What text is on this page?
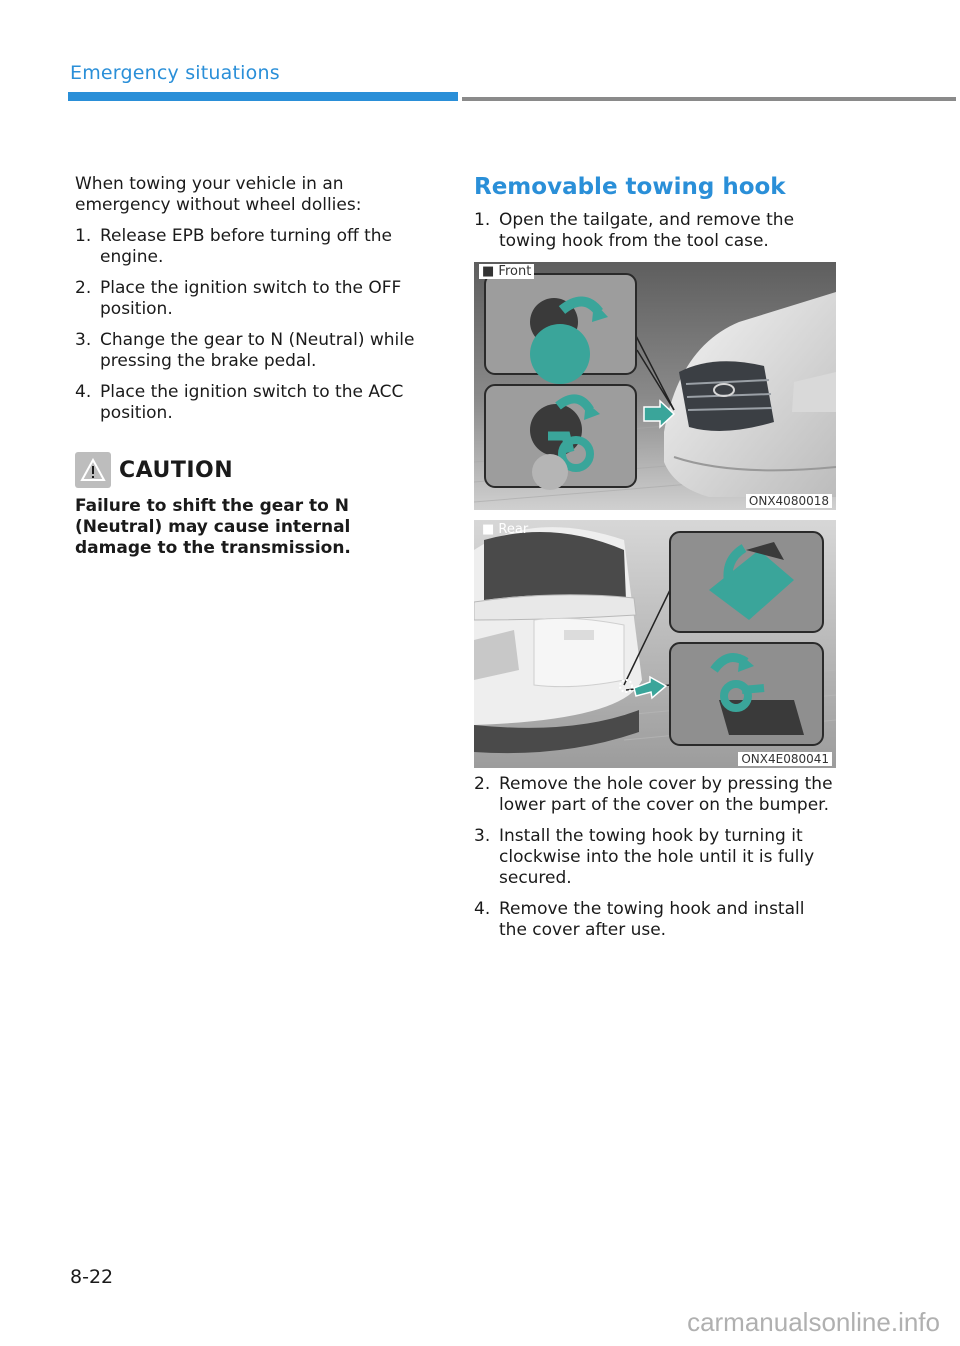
Emergency situations

When towing your vehicle in an emergency without wheel dollies:

1. Release EPB before turning off the engine.
2. Place the ignition switch to the OFF position.
3. Change the gear to N (Neutral) while pressing the brake pedal.
4. Place the ignition switch to the ACC position.
CAUTION

Failure to shift the gear to N (Neutral) may cause internal damage to the transmission.

Removable towing hook
1. Open the tailgate, and remove the towing hook from the tool case.
■ Front
ONX4080018
■ Rear
ONX4E080041
2. Remove the hole cover by pressing the lower part of the cover on the bumper.
3. Install the towing hook by turning it clockwise into the hole until it is fully secured.
4. Remove the towing hook and install the cover after use.
8-22
carmanualsonline.info
